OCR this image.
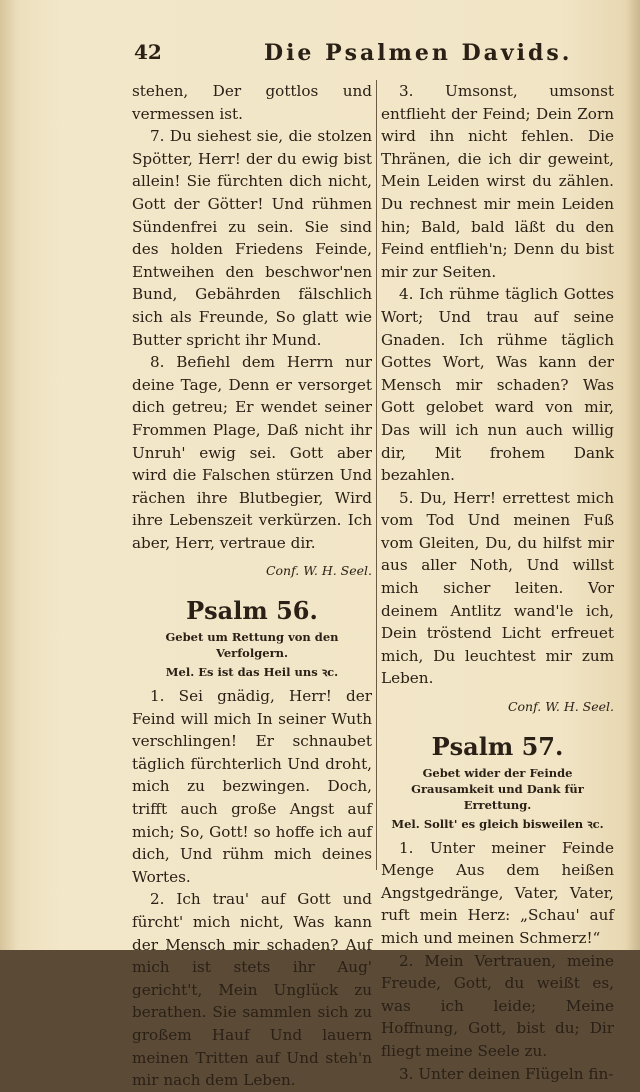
42	Die Psalmen Davids.

stehen, Der gottlos und vermessen ist.

7. Du siehest sie, die stolzen Spötter, Herr! der du ewig bist allein! Sie fürchten dich nicht, Gott der Götter! Und rühmen Sündenfrei zu sein. Sie sind des holden Friedens Feinde, Entweihen den beschwor'nen Bund, Gebährden fälschlich sich als Freunde, So glatt wie Butter spricht ihr Mund.

8. Befiehl dem Herrn nur deine Tage, Denn er versorget dich getreu; Er wendet seiner Frommen Plage, Daß nicht ihr Unruh' ewig sei. Gott aber wird die Falschen stürzen Und rächen ihre Blutbegier, Wird ihre Lebenszeit verkürzen. Ich aber, Herr, vertraue dir.

Conf. W. H. Seel.

Psalm 56.

Gebet um Rettung von den Verfolgern.

Mel. Es ist das Heil uns ꝛc.

1. Sei gnädig, Herr! der Feind will mich In seiner Wuth verschlingen! Er schnaubet täglich fürchterlich Und droht, mich zu bezwingen. Doch, trifft auch große Angst auf mich; So, Gott! so hoffe ich auf dich, Und rühm mich deines Wortes.

2. Ich trau' auf Gott und fürcht' mich nicht, Was kann der Mensch mir schaden? Auf mich ist stets ihr Aug' gericht't, Mein Unglück zu berathen. Sie sammlen sich zu großem Hauf Und lauern meinen Tritten auf Und steh'n mir nach dem Leben.

3. Umsonst, umsonst entflieht der Feind; Dein Zorn wird ihn nicht fehlen. Die Thränen, die ich dir geweint, Mein Leiden wirst du zählen. Du rechnest mir mein Leiden hin; Bald, bald läßt du den Feind entflieh'n; Denn du bist mir zur Seiten.

4. Ich rühme täglich Gottes Wort; Und trau auf seine Gnaden. Ich rühme täglich Gottes Wort, Was kann der Mensch mir schaden? Was Gott gelobet ward von mir, Das will ich nun auch willig dir, Mit frohem Dank bezahlen.

5. Du, Herr! errettest mich vom Tod Und meinen Fuß vom Gleiten, Du, du hilfst mir aus aller Noth, Und willst mich sicher leiten. Vor deinem Antlitz wand'le ich, Dein tröstend Licht erfreuet mich, Du leuchtest mir zum Leben.

Conf. W. H. Seel.

Psalm 57.

Gebet wider der Feinde Grausamkeit und Dank für Errettung.

Mel. Sollt' es gleich bisweilen ꝛc.

1. Unter meiner Feinde Menge Aus dem heißen Angstgedränge, Vater, Vater, ruft mein Herz: „Schau' auf mich und meinen Schmerz!“

2. Mein Vertrauen, meine Freude, Gott, du weißt es, was ich leide; Meine Hoffnung, Gott, bist du; Dir fliegt meine Seele zu.

3. Unter deinen Flügeln fin-
